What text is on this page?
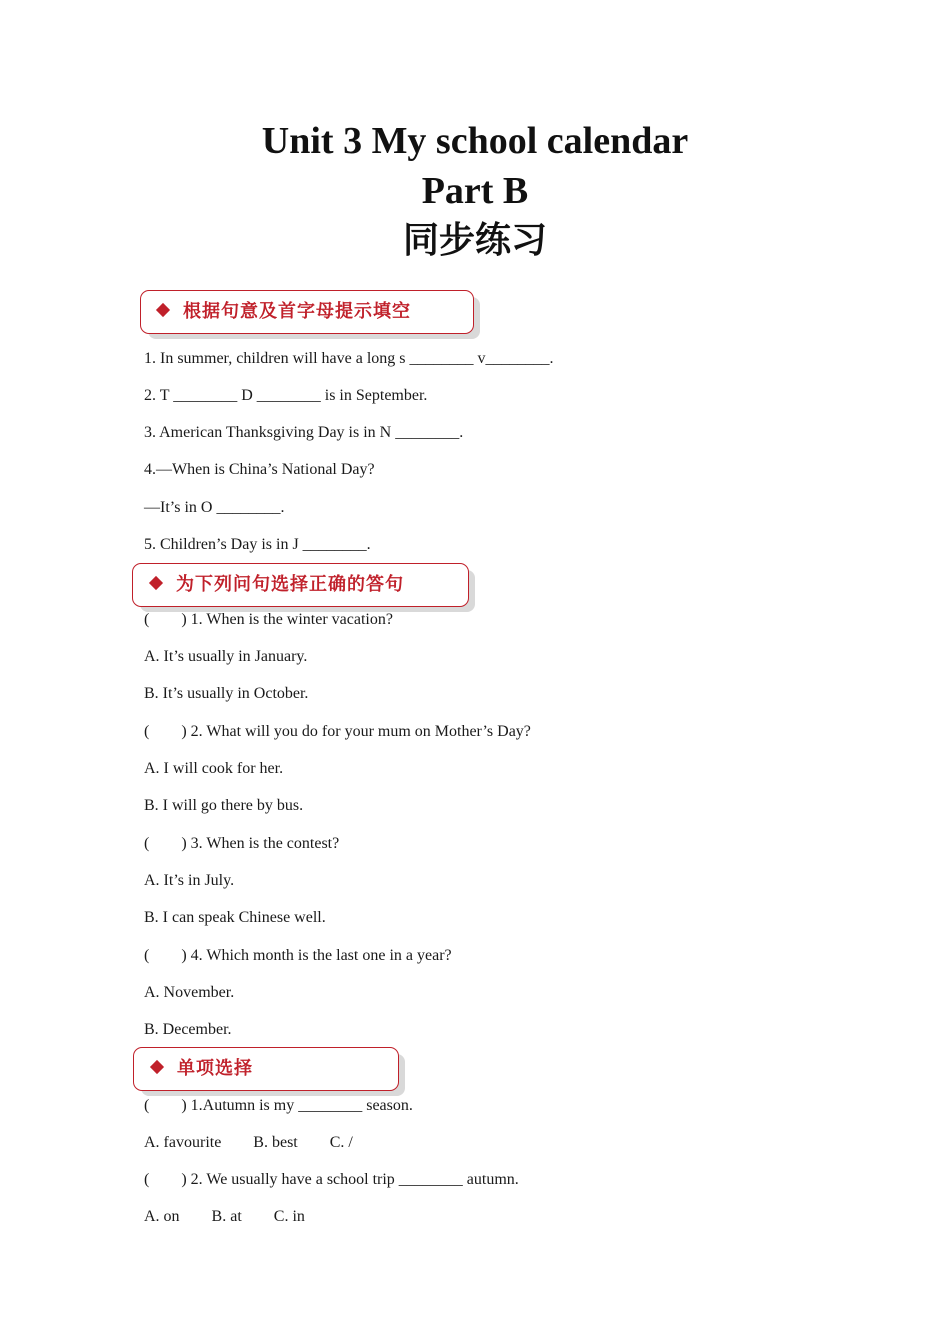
Unit 3 My school calendar
Part B
同步练习
根据句意及首字母提示填空
1. In summer, children will have a long s ________ v________.
2. T ________ D ________ is in September.
3. American Thanksgiving Day is in N ________.
4.—When is China’s National Day?
—It’s in O ________.
5. Children’s Day is in J ________.
为下列问句选择正确的答句
(        ) 1. When is the winter vacation?
A. It’s usually in January.
B. It’s usually in October.
(        ) 2. What will you do for your mum on Mother’s Day?
A. I will cook for her.
B. I will go there by bus.
(        ) 3. When is the contest?
A. It’s in July.
B. I can speak Chinese well.
(        ) 4. Which month is the last one in a year?
A. November.
B. December.
单项选择
(        ) 1.Autumn is my ________ season.
A. favourite        B. best        C. /
(        ) 2. We usually have a school trip ________ autumn.
A. on        B. at        C. in
